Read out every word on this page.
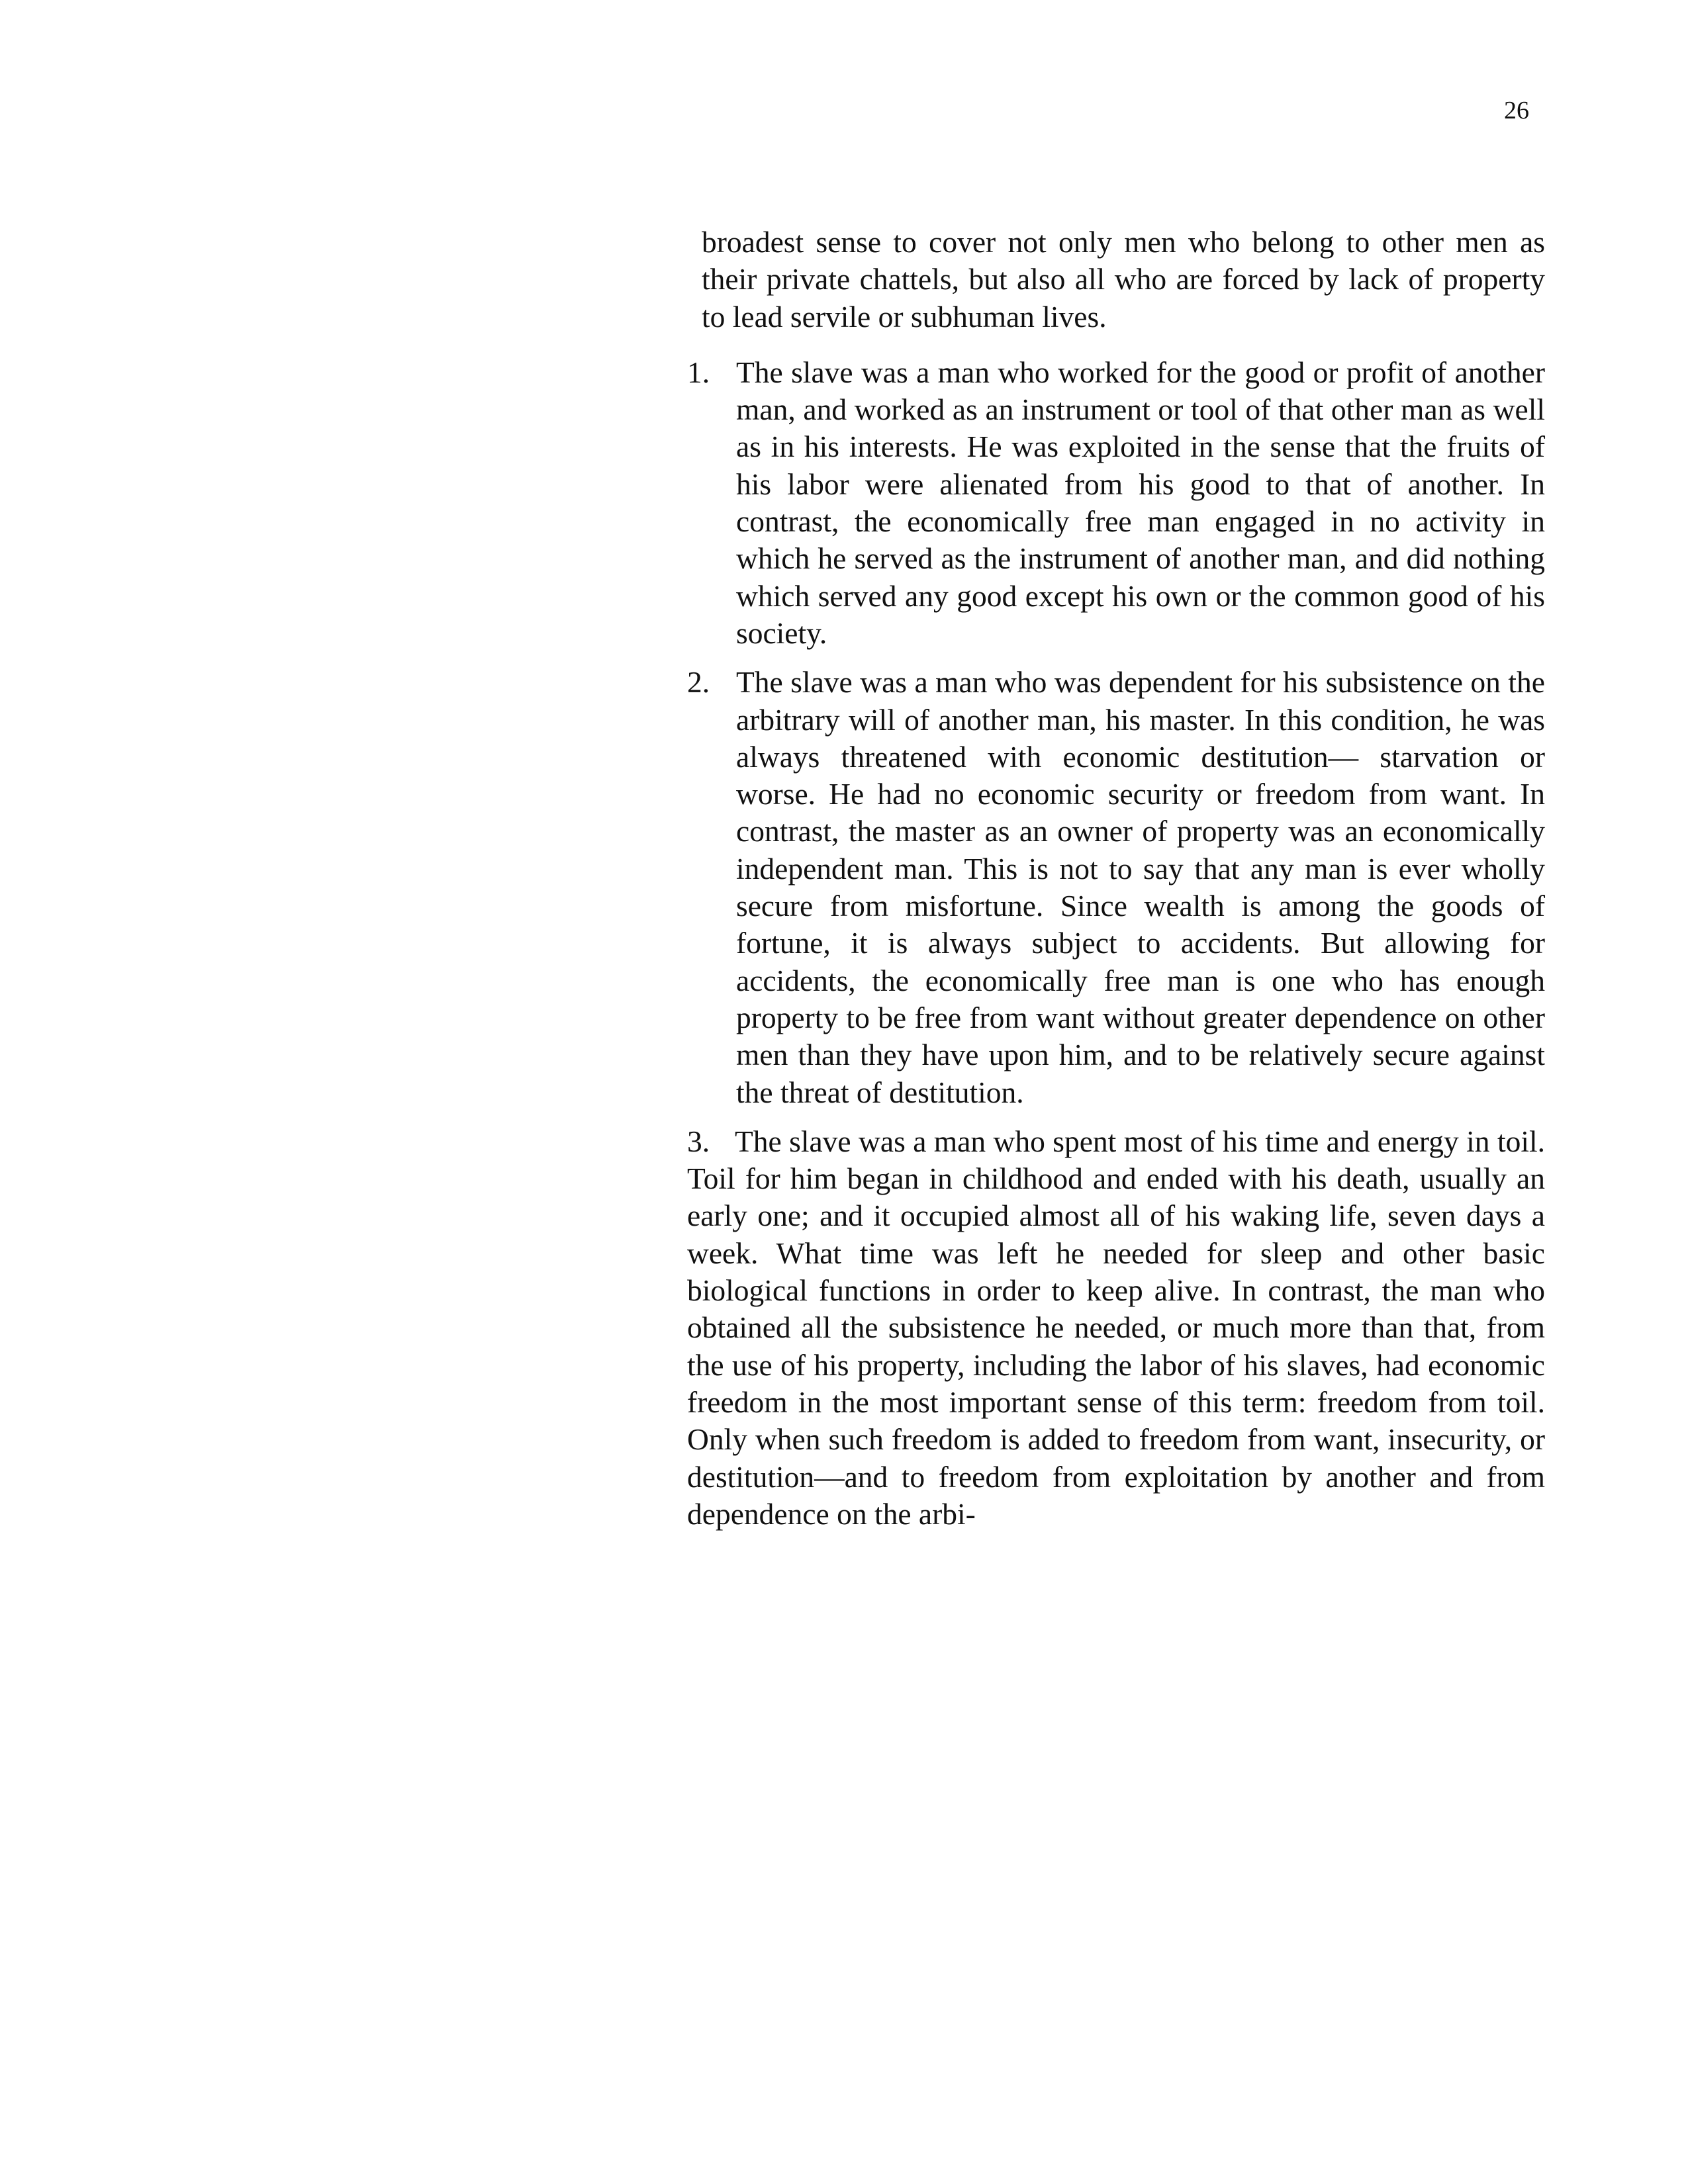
26

broadest sense to cover not only men who belong to other men as their private chattels, but also all who are forced by lack of property to lead servile or subhuman lives.

1. The slave was a man who worked for the good or profit of another man, and worked as an instrument or tool of that other man as well as in his interests. He was exploited in the sense that the fruits of his labor were alienated from his good to that of another. In contrast, the economically free man engaged in no activity in which he served as the instrument of another man, and did nothing which served any good except his own or the common good of his society.

2. The slave was a man who was dependent for his subsistence on the arbitrary will of another man, his master. In this condition, he was always threatened with economic destitution— starvation or worse. He had no economic security or freedom from want. In contrast, the master as an owner of property was an economically independent man. This is not to say that any man is ever wholly secure from misfortune. Since wealth is among the goods of fortune, it is always subject to accidents. But allowing for accidents, the economically free man is one who has enough property to be free from want without greater dependence on other men than they have upon him, and to be relatively secure against the threat of destitution.

3. The slave was a man who spent most of his time and energy in toil. Toil for him began in childhood and ended with his death, usually an early one; and it occupied almost all of his waking life, seven days a week. What time was left he needed for sleep and other basic biological functions in order to keep alive. In contrast, the man who obtained all the subsistence he needed, or much more than that, from the use of his property, including the labor of his slaves, had economic freedom in the most important sense of this term: freedom from toil. Only when such freedom is added to freedom from want, insecurity, or destitution—and to freedom from exploitation by another and from dependence on the arbi-
